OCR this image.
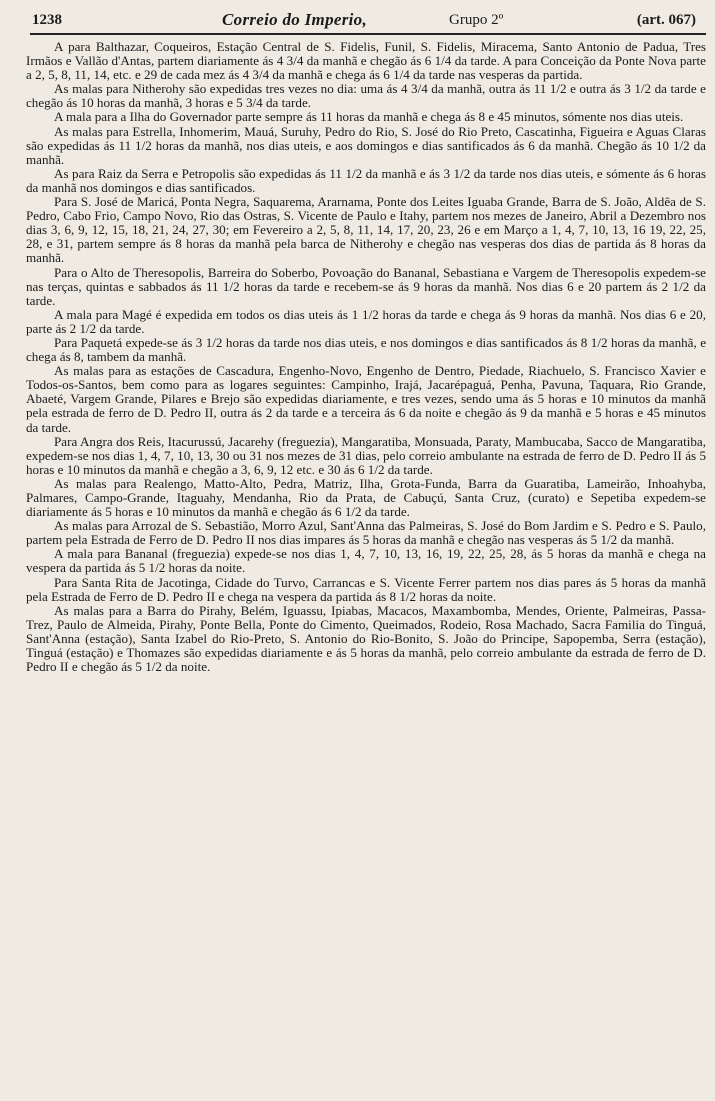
1238	Correio do Imperio,	Grupo 2º	(art. 067)

A para Balthazar, Coqueiros, Estação Central de S. Fidelis, Funil, S. Fidelis, Miracema, Santo Antonio de Padua, Tres Irmãos e Vallão d'Antas, partem diariamente ás 4 3/4 da manhã e chegão ás 6 1/4 da tarde. A para Conceição da Ponte Nova parte a 2, 5, 8, 11, 14, etc. e 29 de cada mez ás 4 3/4 da manhã e chega ás 6 1/4 da tarde nas vesperas da partida.

As malas para Nitherohy são expedidas tres vezes no dia: uma ás 4 3/4 da manhã, outra ás 11 1/2 e outra ás 3 1/2 da tarde e chegão ás 10 horas da manhã, 3 horas e 5 3/4 da tarde.

A mala para a Ilha do Governador parte sempre ás 11 horas da manhã e chega ás 8 e 45 minutos, sómente nos dias uteis.

As malas para Estrella, Inhomerim, Mauá, Suruhy, Pedro do Rio, S. José do Rio Preto, Cascatinha, Figueira e Aguas Claras são expedidas ás 11 1/2 horas da manhã, nos dias uteis, e aos domingos e dias santificados ás 6 da manhã. Chegão ás 10 1/2 da manhã.

As para Raiz da Serra e Petropolis são expedidas ás 11 1/2 da manhã e ás 3 1/2 da tarde nos dias uteis, e sómente ás 6 horas da manhã nos domingos e dias santificados.

Para S. José de Maricá, Ponta Negra, Saquarema, Ararnama, Ponte dos Leites Iguaba Grande, Barra de S. João, Aldêa de S. Pedro, Cabo Frio, Campo Novo, Rio das Ostras, S. Vicente de Paulo e Itahy, partem nos mezes de Janeiro, Abril a Dezembro nos dias 3, 6, 9, 12, 15, 18, 21, 24, 27, 30; em Fevereiro a 2, 5, 8, 11, 14, 17, 20, 23, 26 e em Março a 1, 4, 7, 10, 13, 16 19, 22, 25, 28, e 31, partem sempre ás 8 horas da manhã pela barca de Nitherohy e chegão nas vesperas dos dias de partida ás 8 horas da manhã.

Para o Alto de Theresopolis, Barreira do Soberbo, Povoação do Bananal, Sebastiana e Vargem de Theresopolis expedem-se nas terças, quintas e sabbados ás 11 1/2 horas da tarde e recebem-se ás 9 horas da manhã. Nos dias 6 e 20 partem ás 2 1/2 da tarde.

A mala para Magé é expedida em todos os dias uteis ás 1 1/2 horas da tarde e chega ás 9 horas da manhã. Nos dias 6 e 20, parte ás 2 1/2 da tarde.

Para Paquetá expede-se ás 3 1/2 horas da tarde nos dias uteis, e nos domingos e dias santificados ás 8 1/2 horas da manhã, e chega ás 8, tambem da manhã.

As malas para as estações de Cascadura, Engenho-Novo, Engenho de Dentro, Piedade, Riachuelo, S. Francisco Xavier e Todos-os-Santos, bem como para as logares seguintes: Campinho, Irajá, Jacarépaguá, Penha, Pavuna, Taquara, Rio Grande, Abaeté, Vargem Grande, Pilares e Brejo são expedidas diariamente, e tres vezes, sendo uma ás 5 horas e 10 minutos da manhã pela estrada de ferro de D. Pedro II, outra ás 2 da tarde e a terceira ás 6 da noite e chegão ás 9 da manhã e 5 horas e 45 minutos da tarde.

Para Angra dos Reis, Itacurussú, Jacarehy (freguezia), Mangaratiba, Monsuada, Paraty, Mambucaba, Sacco de Mangaratiba, expedem-se nos dias 1, 4, 7, 10, 13, 30 ou 31 nos mezes de 31 dias, pelo correio ambulante na estrada de ferro de D. Pedro II ás 5 horas e 10 minutos da manhã e chegão a 3, 6, 9, 12 etc. e 30 ás 6 1/2 da tarde.

As malas para Realengo, Matto-Alto, Pedra, Matriz, Ilha, Grota-Funda, Barra da Guaratiba, Lameirão, Inhoahyba, Palmares, Campo-Grande, Itaguahy, Mendanha, Rio da Prata, de Cabuçú, Santa Cruz, (curato) e Sepetiba expedem-se diariamente ás 5 horas e 10 minutos da manhã e chegão ás 6 1/2 da tarde.

As malas para Arrozal de S. Sebastião, Morro Azul, Sant'Anna das Palmeiras, S. José do Bom Jardim e S. Pedro e S. Paulo, partem pela Estrada de Ferro de D. Pedro II nos dias impares ás 5 horas da manhã e chegão nas vesperas ás 5 1/2 da manhã.

A mala para Bananal (freguezia) expede-se nos dias 1, 4, 7, 10, 13, 16, 19, 22, 25, 28, ás 5 horas da manhã e chega na vespera da partida ás 5 1/2 horas da noite.

Para Santa Rita de Jacotinga, Cidade do Turvo, Carrancas e S. Vicente Ferrer partem nos dias pares ás 5 horas da manhã pela Estrada de Ferro de D. Pedro II e chega na vespera da partida ás 8 1/2 horas da noite.

As malas para a Barra do Pirahy, Belém, Iguassu, Ipiabas, Macacos, Maxambomba, Mendes, Oriente, Palmeiras, Passa-Trez, Paulo de Almeida, Pirahy, Ponte Bella, Ponte do Cimento, Queimados, Rodeio, Rosa Machado, Sacra Familia do Tinguá, Sant'Anna (estação), Santa Izabel do Rio-Preto, S. Antonio do Rio-Bonito, S. João do Principe, Sapopemba, Serra (estação), Tinguá (estação) e Thomazes são expedidas diariamente e ás 5 horas da manhã, pelo correio ambulante da estrada de ferro de D. Pedro II e chegão ás 5 1/2 da noite.
